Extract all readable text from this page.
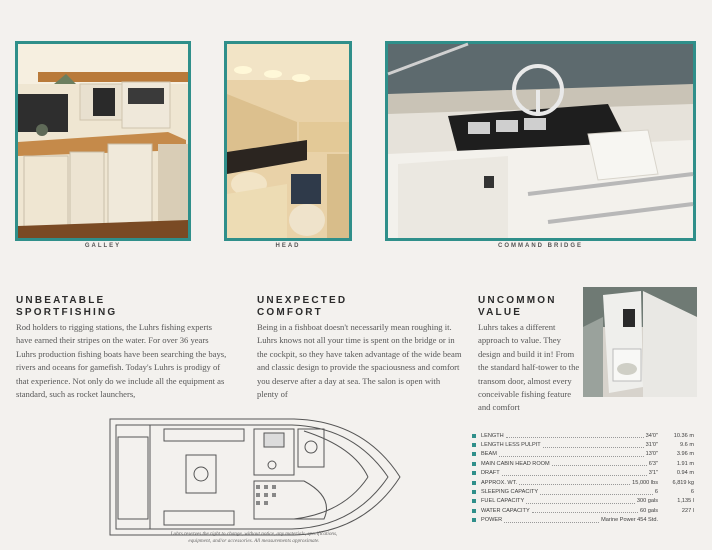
GALLEY	HEAD	COMMAND BRIDGE
UNBEATABLE
SPORTFISHING
Rod holders to rigging stations, the Luhrs fishing experts have earned their stripes on the water. For over 36 years Luhrs production fishing boats have been searching the bays, rivers and oceans for gamefish. Today's Luhrs is prodigy of that experience. Not only do we include all the equipment as standard, such as rocket launchers,
UNEXPECTED
COMFORT
Being in a fishboat doesn't necessarily mean roughing it. Luhrs knows not all your time is spent on the bridge or in the cockpit, so they have taken advantage of the wide beam and classic design to provide the spaciousness and comfort you deserve after a day at sea. The salon is open with plenty of
UNCOMMON
VALUE
Luhrs takes a different approach to value. They design and build it in! From the standard half-tower to the transom door, almost every conceivable fishing feature and comfort
Luhrs reserves the right to change, without notice, any materials, specifications, equipment, and/or accessories. All measurements approximate.
LENGTH	34'0"	10.36 m
LENGTH LESS PULPIT	31'0"	9.6 m
BEAM	13'0"	3.96 m
MAIN CABIN HEAD ROOM	6'3"	1.91 m
DRAFT	3'1"	0.94 m
APPROX. WT.	15,000 lbs	6,819 kg
SLEEPING CAPACITY	6	6
FUEL CAPACITY	300 gals	1,135 l
WATER CAPACITY	60 gals	227 l
POWER	Marine Power 454 Std.
